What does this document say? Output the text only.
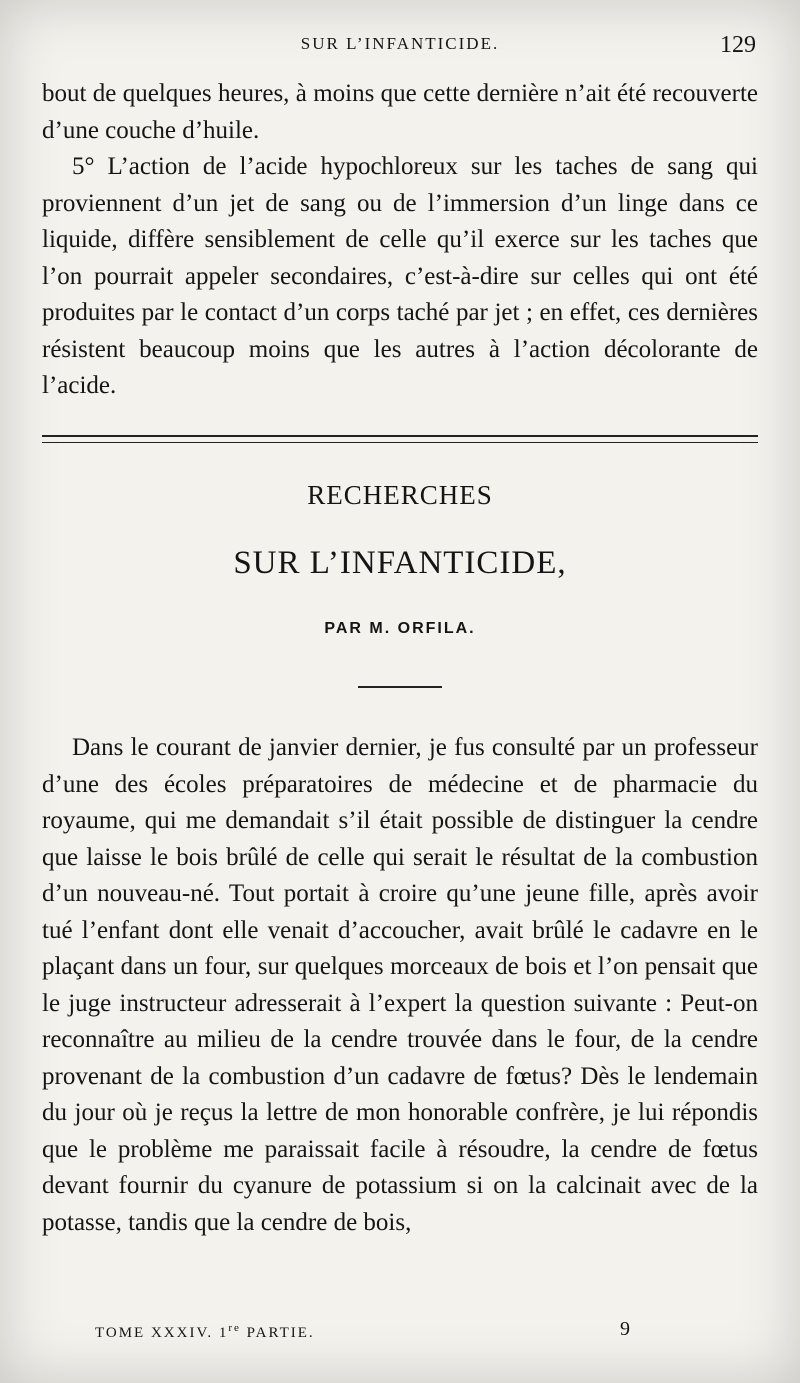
SUR L’INFANTICIDE.	129

bout de quelques heures, à moins que cette dernière n’ait été recouverte d’une couche d’huile.

5° L’action de l’acide hypochloreux sur les taches de sang qui proviennent d’un jet de sang ou de l’immersion d’un linge dans ce liquide, diffère sensiblement de celle qu’il exerce sur les taches que l’on pourrait appeler secondaires, c’est-à-dire sur celles qui ont été produites par le contact d’un corps taché par jet ; en effet, ces dernières résistent beaucoup moins que les autres à l’action décolorante de l’acide.

RECHERCHES
SUR L’INFANTICIDE,
PAR M. ORFILA.

Dans le courant de janvier dernier, je fus consulté par un professeur d’une des écoles préparatoires de médecine et de pharmacie du royaume, qui me demandait s’il était possible de distinguer la cendre que laisse le bois brûlé de celle qui serait le résultat de la combustion d’un nouveau-né. Tout portait à croire qu’une jeune fille, après avoir tué l’enfant dont elle venait d’accoucher, avait brûlé le cadavre en le plaçant dans un four, sur quelques morceaux de bois et l’on pensait que le juge instructeur adresserait à l’expert la question suivante : Peut-on reconnaître au milieu de la cendre trouvée dans le four, de la cendre provenant de la combustion d’un cadavre de fœtus? Dès le lendemain du jour où je reçus la lettre de mon honorable confrère, je lui répondis que le problème me paraissait facile à résoudre, la cendre de fœtus devant fournir du cyanure de potassium si on la calcinait avec de la potasse, tandis que la cendre de bois,

TOME XXXIV. 1re PARTIE.	9
